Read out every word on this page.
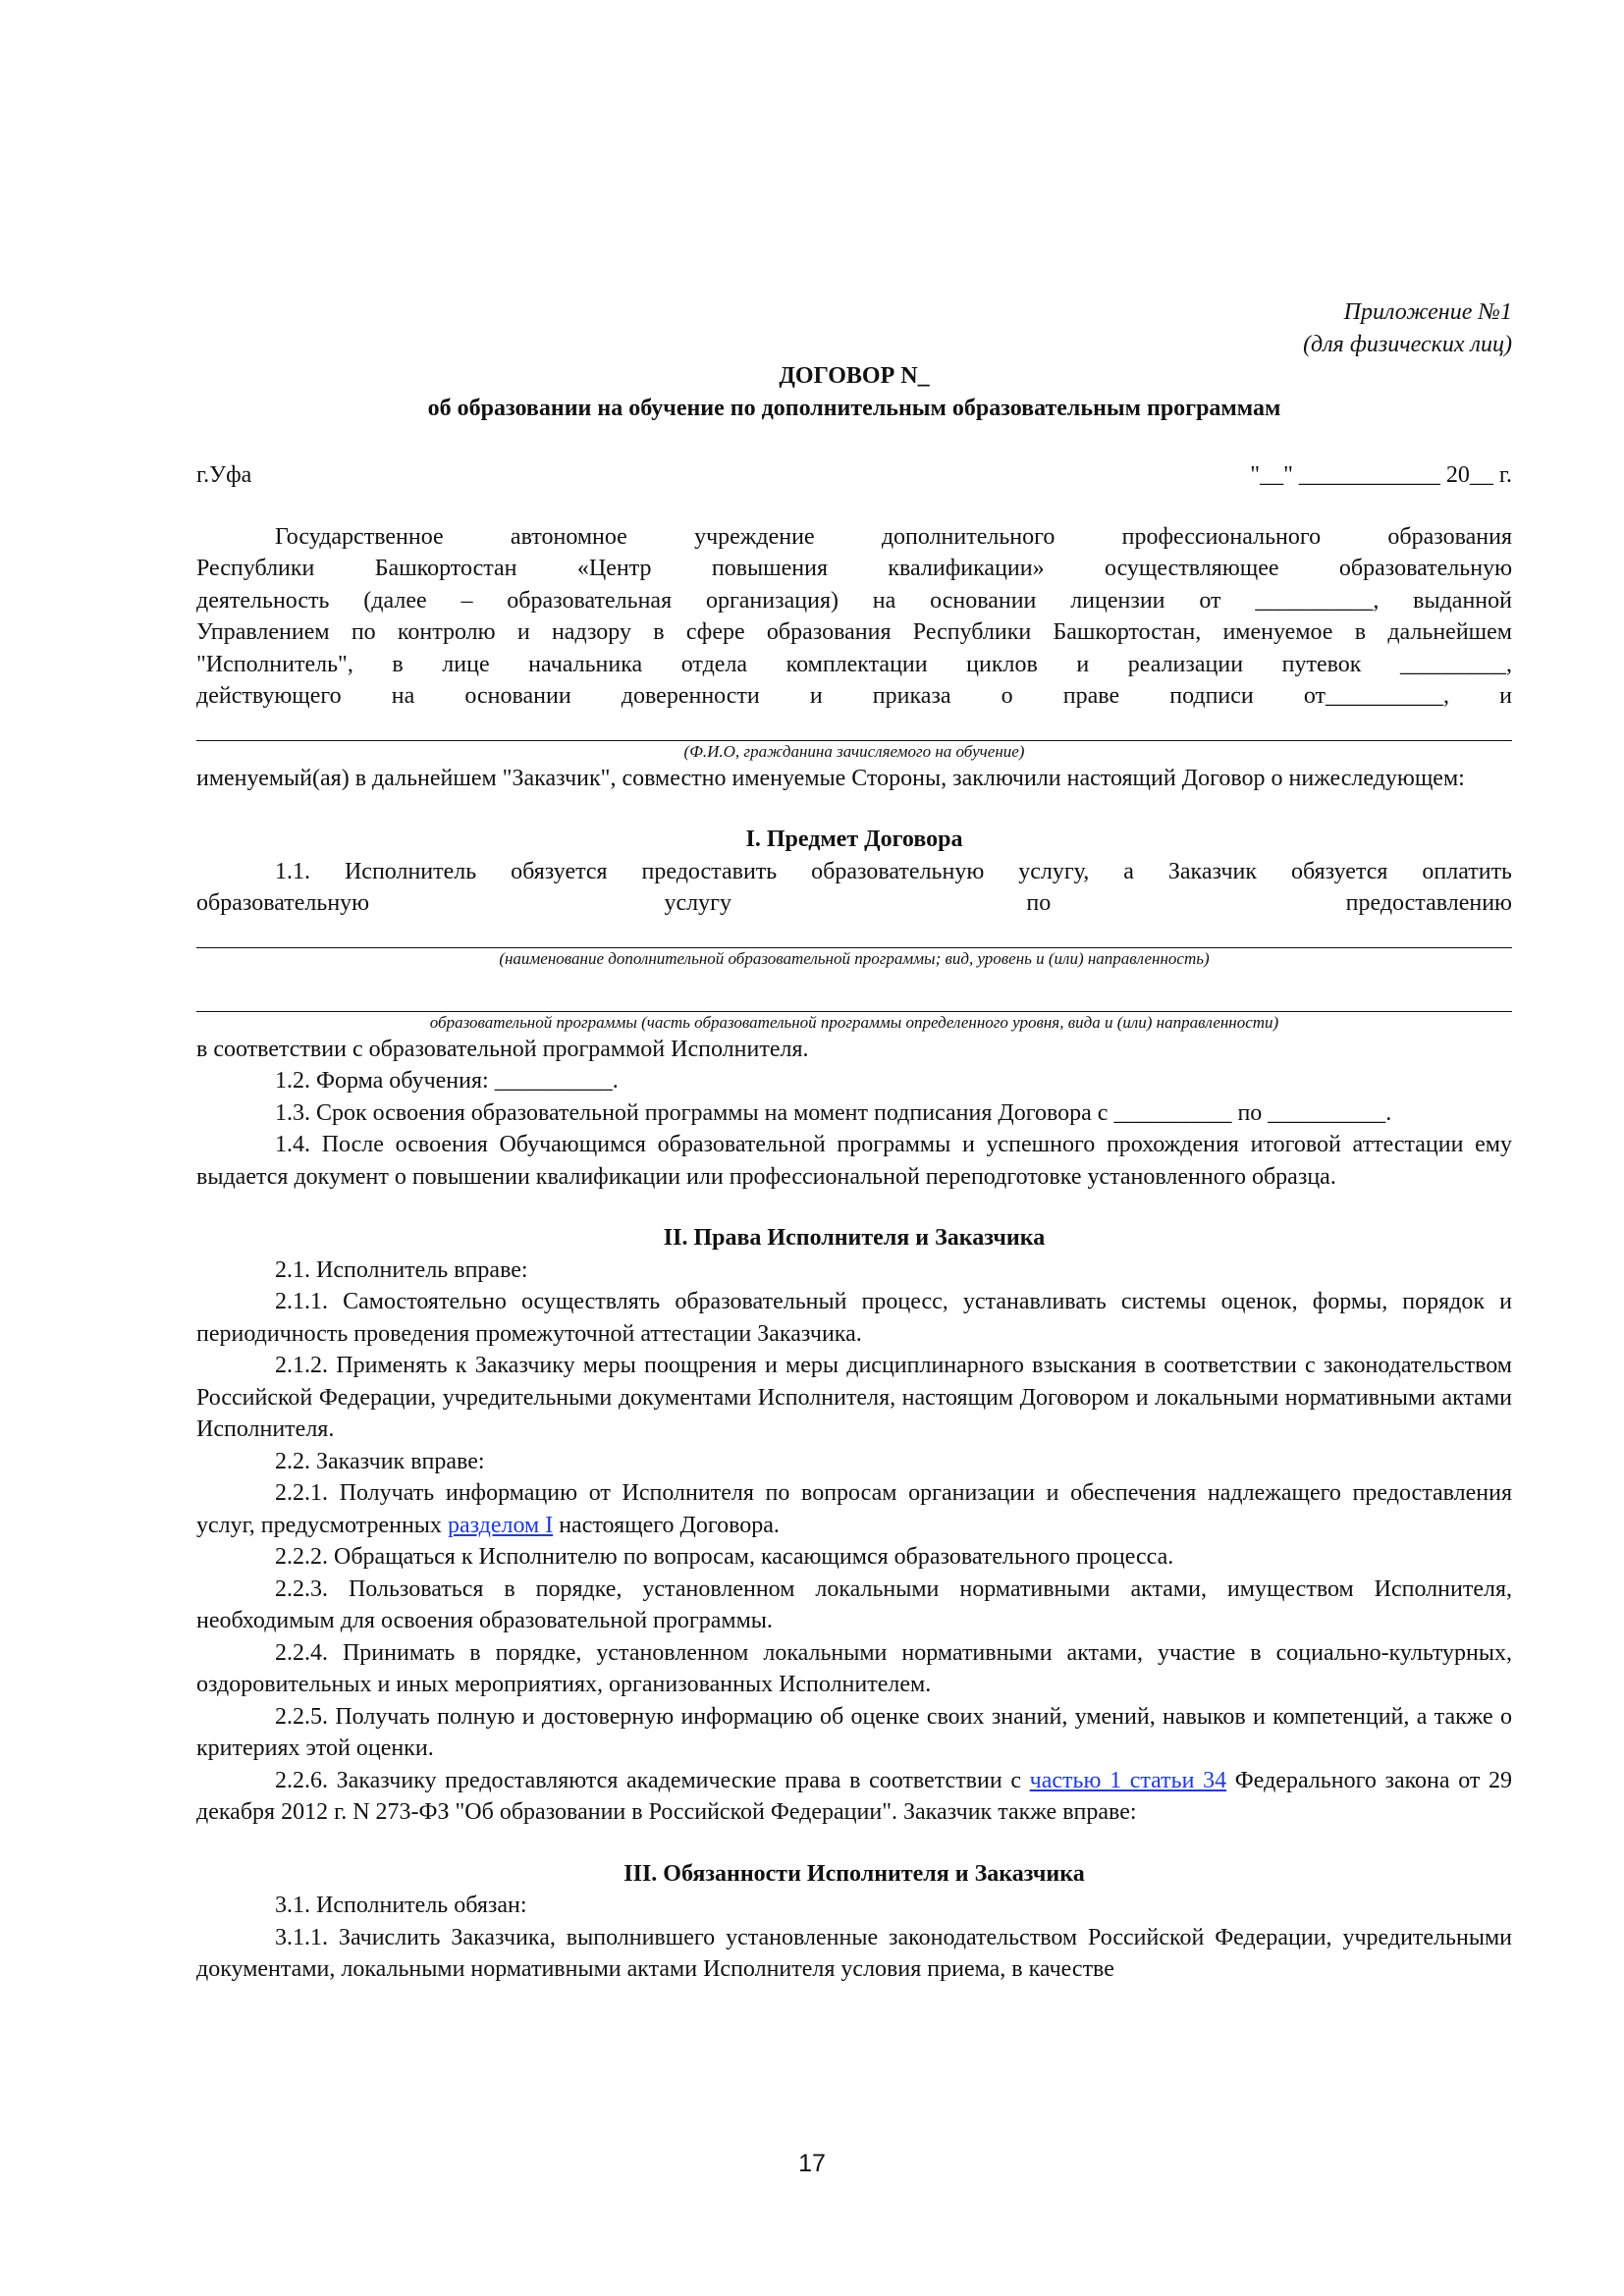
Приложение №1
(для физических лиц)
ДОГОВОР N_
об образовании на обучение по дополнительным образовательным программам
г.Уфа	"__" ____________ 20__ г.
Государственное автономное учреждение дополнительного профессионального образования
Республики Башкортостан «Центр повышения квалификации» осуществляющее образовательную
деятельность (далее – образовательная организация) на основании лицензии от __________, выданной
Управлением по контролю и надзору в сфере образования Республики Башкортостан, именуемое в дальнейшем
"Исполнитель", в лице начальника отдела комплектации циклов и реализации путевок _________,
действующего на основании доверенности и приказа о праве подписи от__________, и
(Ф.И.О, гражданина зачисляемого на обучение)
именуемый(ая) в дальнейшем "Заказчик", совместно именуемые Стороны, заключили настоящий Договор о нижеследующем:
I. Предмет Договора
1.1. Исполнитель обязуется предоставить образовательную услугу, а Заказчик обязуется оплатить
образовательную услугу по предоставлению
(наименование дополнительной образовательной программы; вид, уровень и (или) направленность)
образовательной программы (часть образовательной программы определенного уровня, вида и (или) направленности)
в соответствии с образовательной программой Исполнителя.
1.2. Форма обучения: __________.
1.3. Срок освоения образовательной программы на момент подписания Договора с __________ по __________.
1.4. После освоения Обучающимся образовательной программы и успешного прохождения итоговой аттестации ему выдается документ о повышении квалификации или профессиональной переподготовке установленного образца.
II. Права Исполнителя и Заказчика
2.1. Исполнитель вправе:
2.1.1. Самостоятельно осуществлять образовательный процесс, устанавливать системы оценок, формы, порядок и периодичность проведения промежуточной аттестации Заказчика.
2.1.2. Применять к Заказчику меры поощрения и меры дисциплинарного взыскания в соответствии с законодательством Российской Федерации, учредительными документами Исполнителя, настоящим Договором и локальными нормативными актами Исполнителя.
2.2. Заказчик вправе:
2.2.1. Получать информацию от Исполнителя по вопросам организации и обеспечения надлежащего предоставления услуг, предусмотренных разделом I настоящего Договора.
2.2.2. Обращаться к Исполнителю по вопросам, касающимся образовательного процесса.
2.2.3. Пользоваться в порядке, установленном локальными нормативными актами, имуществом Исполнителя, необходимым для освоения образовательной программы.
2.2.4. Принимать в порядке, установленном локальными нормативными актами, участие в социально-культурных, оздоровительных и иных мероприятиях, организованных Исполнителем.
2.2.5. Получать полную и достоверную информацию об оценке своих знаний, умений, навыков и компетенций, а также о критериях этой оценки.
2.2.6. Заказчику предоставляются академические права в соответствии с частью 1 статьи 34 Федерального закона от 29 декабря 2012 г. N 273-ФЗ "Об образовании в Российской Федерации". Заказчик также вправе:
III. Обязанности Исполнителя и Заказчика
3.1. Исполнитель обязан:
3.1.1. Зачислить Заказчика, выполнившего установленные законодательством Российской Федерации, учредительными документами, локальными нормативными актами Исполнителя условия приема, в качестве
17
